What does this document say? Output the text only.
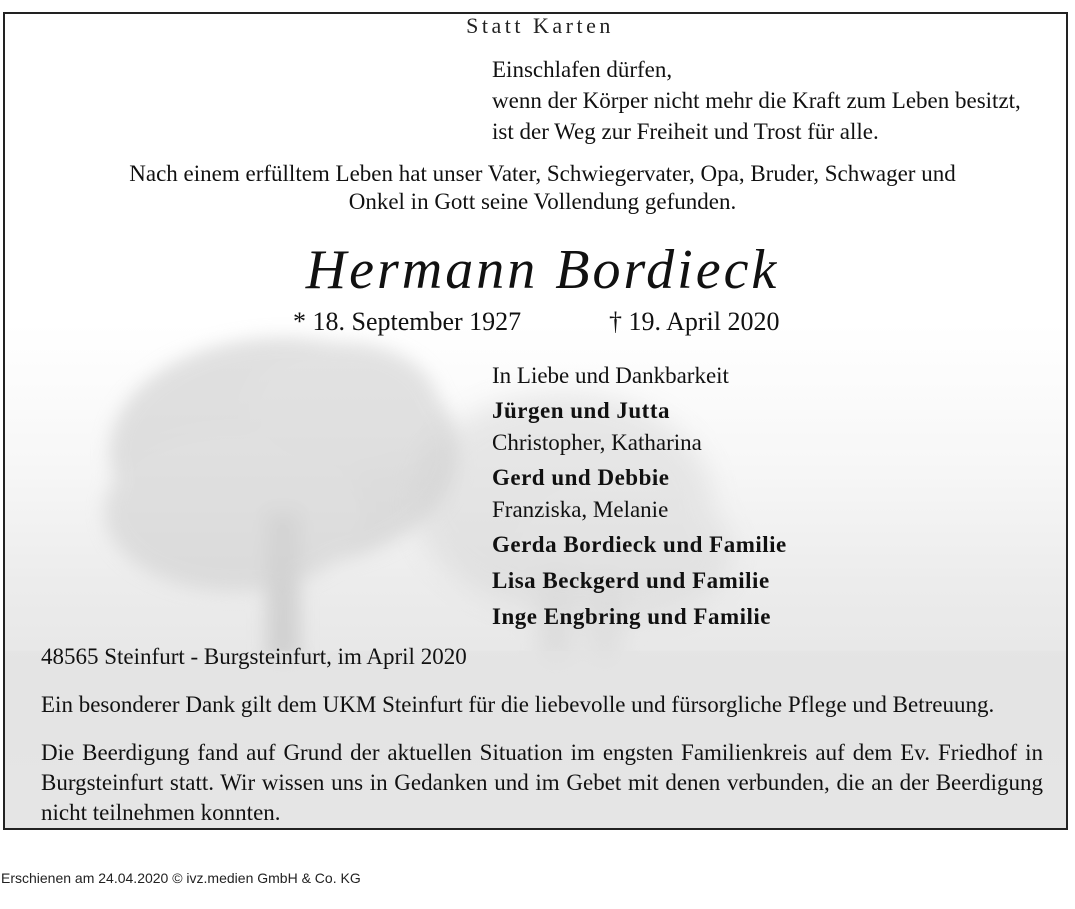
Statt Karten
Einschlafen dürfen,
wenn der Körper nicht mehr die Kraft zum Leben besitzt,
ist der Weg zur Freiheit und Trost für alle.
Nach einem erfülltem Leben hat unser Vater, Schwiegervater, Opa, Bruder, Schwager und
Onkel in Gott seine Vollendung gefunden.
Hermann Bordieck
* 18. September 1927	† 19. April 2020
In Liebe und Dankbarkeit
Jürgen und Jutta
Christopher, Katharina
Gerd und Debbie
Franziska, Melanie
Gerda Bordieck und Familie
Lisa Beckgerd und Familie
Inge Engbring und Familie
48565 Steinfurt - Burgsteinfurt, im April 2020
Ein besonderer Dank gilt dem UKM Steinfurt für die liebevolle und fürsorgliche Pflege und Betreuung.
Die Beerdigung fand auf Grund der aktuellen Situation im engsten Familienkreis auf dem Ev. Friedhof in Burgsteinfurt statt. Wir wissen uns in Gedanken und im Gebet mit denen verbunden, die an der Beerdigung nicht teilnehmen konnten.
Erschienen am 24.04.2020 © ivz.medien GmbH & Co. KG
